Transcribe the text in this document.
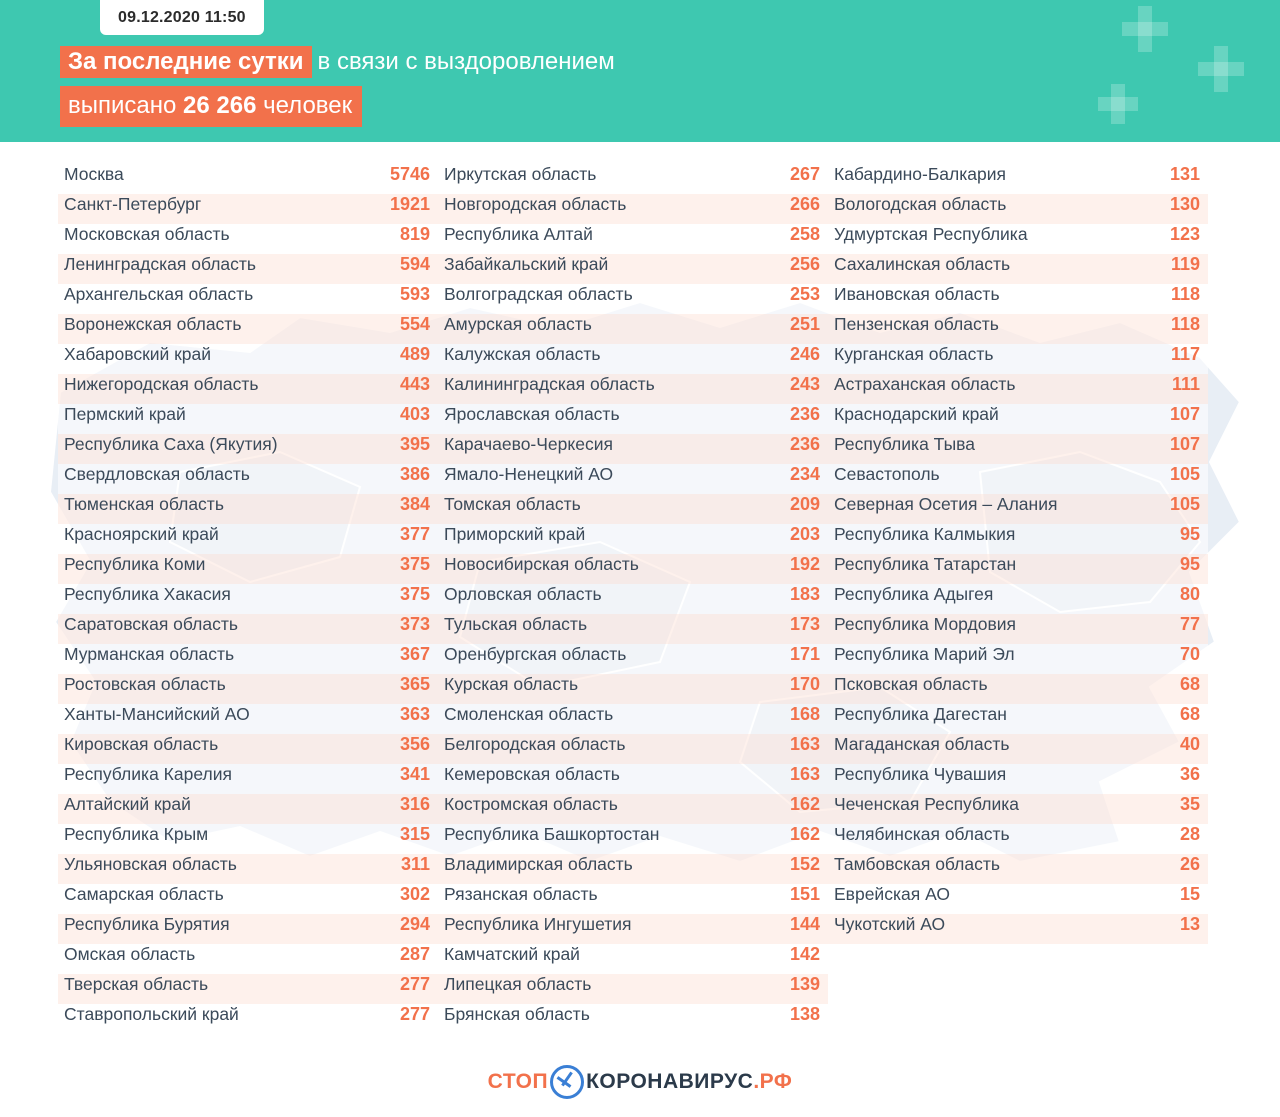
09.12.2020 11:50
За последние сутки в связи с выздоровлением
выписано 26 266 человек
Москва	5746
Санкт-Петербург	1921
Московская область	819
Ленинградская область	594
Архангельская область	593
Воронежская область	554
Хабаровский край	489
Нижегородская область	443
Пермский край	403
Республика Саха (Якутия)	395
Свердловская область	386
Тюменская область	384
Красноярский край	377
Республика Коми	375
Республика Хакасия	375
Саратовская область	373
Мурманская область	367
Ростовская область	365
Ханты-Мансийский АО	363
Кировская область	356
Республика Карелия	341
Алтайский край	316
Республика Крым	315
Ульяновская область	311
Самарская область	302
Республика Бурятия	294
Омская область	287
Тверская область	277
Ставропольский край	277
Иркутская область	267
Новгородская область	266
Республика Алтай	258
Забайкальский край	256
Волгоградская область	253
Амурская область	251
Калужская область	246
Калининградская область	243
Ярославская область	236
Карачаево-Черкесия	236
Ямало-Ненецкий АО	234
Томская область	209
Приморский край	203
Новосибирская область	192
Орловская область	183
Тульская область	173
Оренбургская область	171
Курская область	170
Смоленская область	168
Белгородская область	163
Кемеровская область	163
Костромская область	162
Республика Башкортостан	162
Владимирская область	152
Рязанская область	151
Республика Ингушетия	144
Камчатский край	142
Липецкая область	139
Брянская область	138
Кабардино-Балкария	131
Вологодская область	130
Удмуртская Республика	123
Сахалинская область	119
Ивановская область	118
Пензенская область	118
Курганская область	117
Астраханская область	111
Краснодарский край	107
Республика Тыва	107
Севастополь	105
Северная Осетия – Алания	105
Республика Калмыкия	95
Республика Татарстан	95
Республика Адыгея	80
Республика Мордовия	77
Республика Марий Эл	70
Псковская область	68
Республика Дагестан	68
Магаданская область	40
Республика Чувашия	36
Чеченская Республика	35
Челябинская область	28
Тамбовская область	26
Еврейская АО	15
Чукотский АО	13
СТОП КОРОНАВИРУС .РФ
